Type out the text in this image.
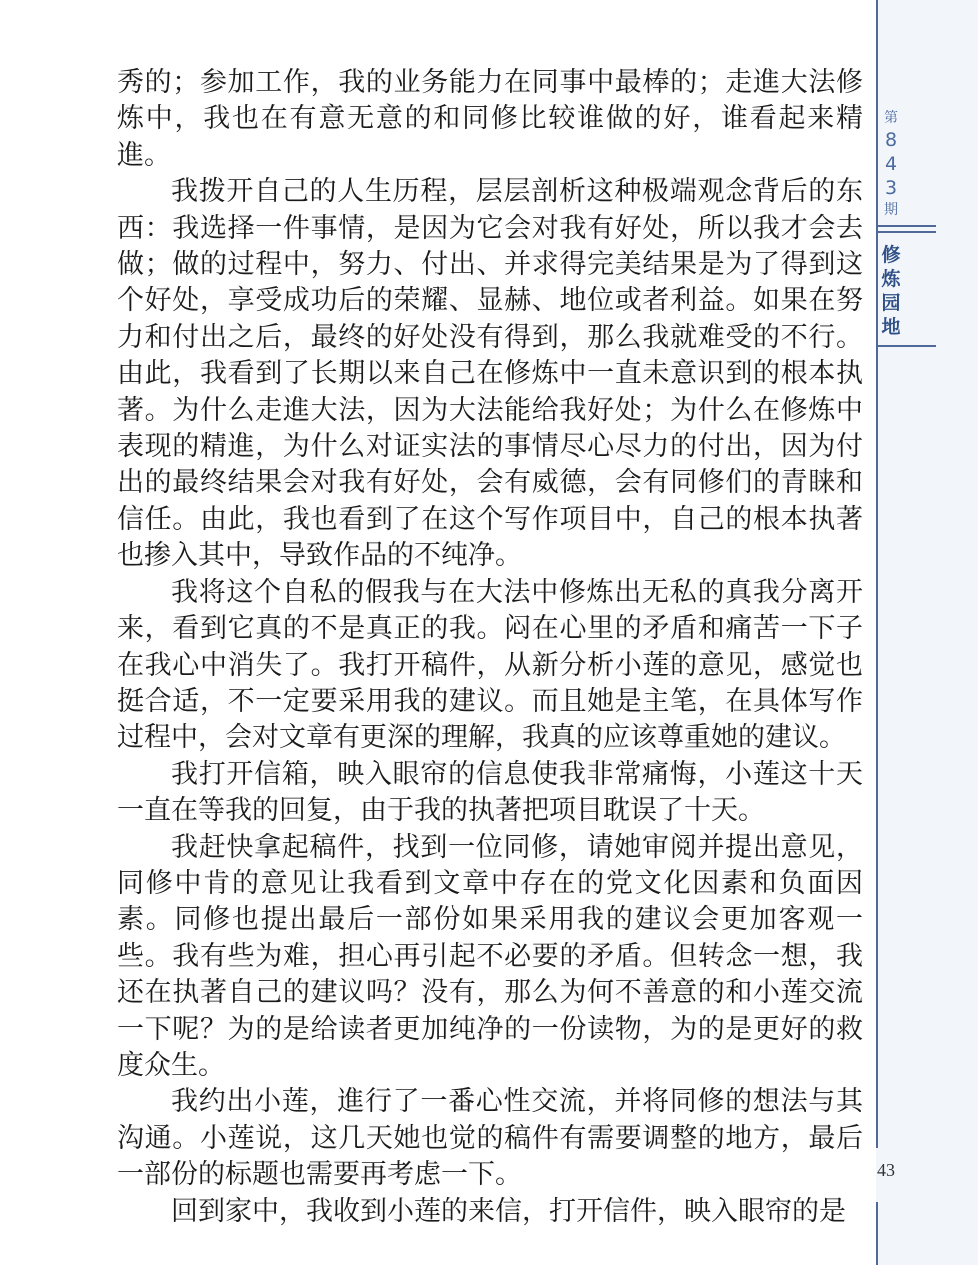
第
8
4
3
期
修
炼
园
地

秀的；参加工作，我的业务能力在同事中最棒的；走進大法修炼中，我也在有意无意的和同修比较谁做的好，谁看起来精進。

我拨开自己的人生历程，层层剖析这种极端观念背后的东西：我选择一件事情，是因为它会对我有好处，所以我才会去做；做的过程中，努力、付出、并求得完美结果是为了得到这个好处，享受成功后的荣耀、显赫、地位或者利益。如果在努力和付出之后，最终的好处没有得到，那么我就难受的不行。由此，我看到了长期以来自己在修炼中一直未意识到的根本执著。为什么走進大法，因为大法能给我好处；为什么在修炼中表现的精進，为什么对证实法的事情尽心尽力的付出，因为付出的最终结果会对我有好处，会有威德，会有同修们的青睐和信任。由此，我也看到了在这个写作项目中，自己的根本执著也掺入其中，导致作品的不纯净。

我将这个自私的假我与在大法中修炼出无私的真我分离开来，看到它真的不是真正的我。闷在心里的矛盾和痛苦一下子在我心中消失了。我打开稿件，从新分析小莲的意见，感觉也挺合适，不一定要采用我的建议。而且她是主笔，在具体写作过程中，会对文章有更深的理解，我真的应该尊重她的建议。

我打开信箱，映入眼帘的信息使我非常痛悔，小莲这十天一直在等我的回复，由于我的执著把项目耽误了十天。

我赶快拿起稿件，找到一位同修，请她审阅并提出意见，同修中肯的意见让我看到文章中存在的党文化因素和负面因素。同修也提出最后一部份如果采用我的建议会更加客观一些。我有些为难，担心再引起不必要的矛盾。但转念一想，我还在执著自己的建议吗？没有，那么为何不善意的和小莲交流一下呢？为的是给读者更加纯净的一份读物，为的是更好的救度众生。

我约出小莲，進行了一番心性交流，并将同修的想法与其沟通。小莲说，这几天她也觉的稿件有需要调整的地方，最后一部份的标题也需要再考虑一下。

回到家中，我收到小莲的来信，打开信件，映入眼帘的是

43
